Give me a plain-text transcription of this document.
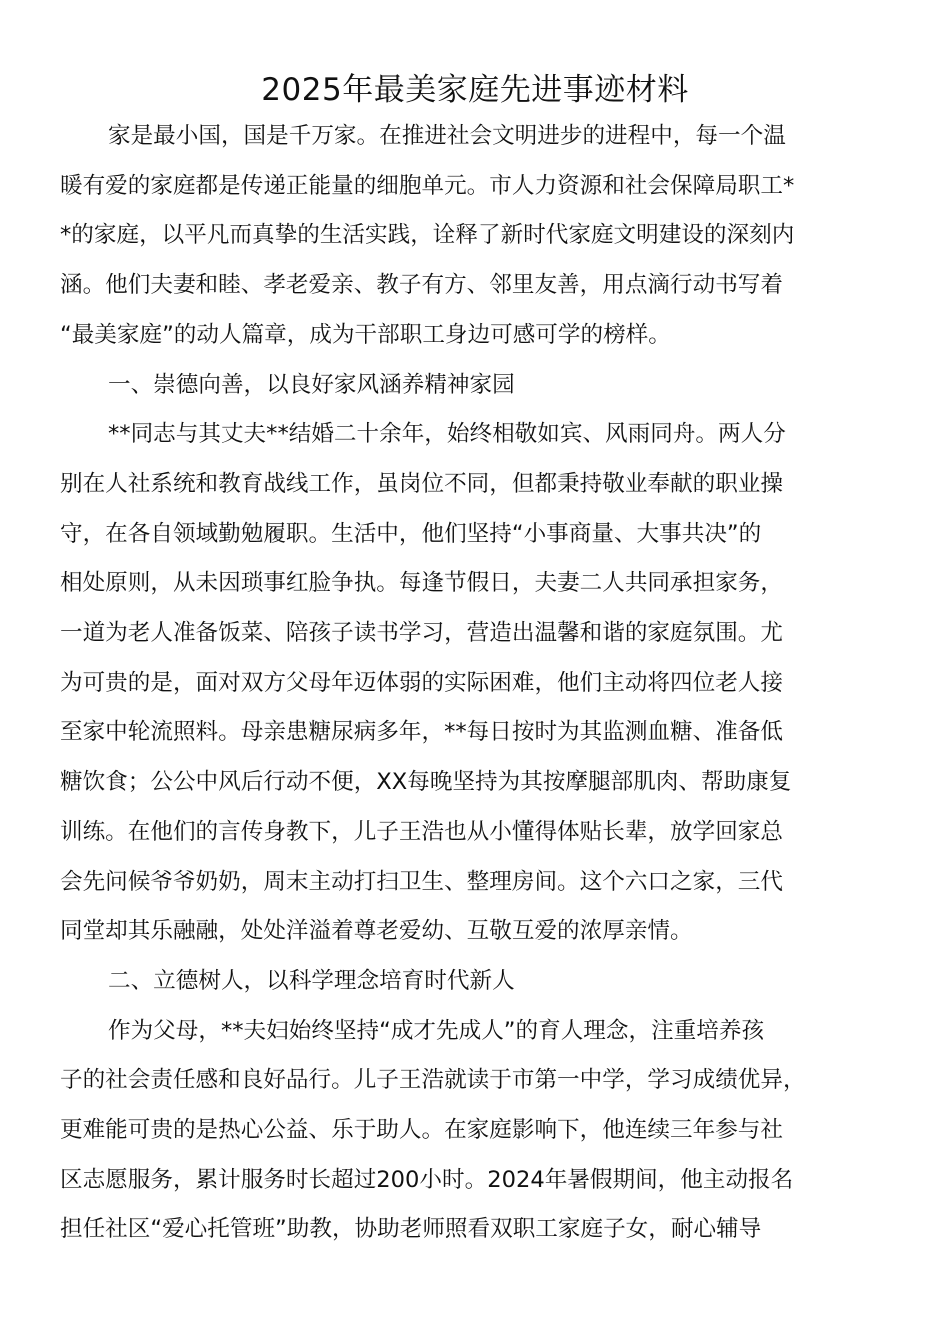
2025年最美家庭先进事迹材料
家是最小国，国是千万家。在推进社会文明进步的进程中，每一个温
暖有爱的家庭都是传递正能量的细胞单元。市人力资源和社会保障局职工*
*的家庭，以平凡而真挚的生活实践，诠释了新时代家庭文明建设的深刻内
涵。他们夫妻和睦、孝老爱亲、教子有方、邻里友善，用点滴行动书写着
“最美家庭”的动人篇章，成为干部职工身边可感可学的榜样。
一、崇德向善，以良好家风涵养精神家园
**同志与其丈夫**结婚二十余年，始终相敬如宾、风雨同舟。两人分
别在人社系统和教育战线工作，虽岗位不同，但都秉持敬业奉献的职业操
守，在各自领域勤勉履职。生活中，他们坚持“小事商量、大事共决”的
相处原则，从未因琐事红脸争执。每逢节假日，夫妻二人共同承担家务，
一道为老人准备饭菜、陪孩子读书学习，营造出温馨和谐的家庭氛围。尤
为可贵的是，面对双方父母年迈体弱的实际困难，他们主动将四位老人接
至家中轮流照料。母亲患糖尿病多年，**每日按时为其监测血糖、准备低
糖饮食；公公中风后行动不便，XX每晚坚持为其按摩腿部肌肉、帮助康复
训练。在他们的言传身教下，儿子王浩也从小懂得体贴长辈，放学回家总
会先问候爷爷奶奶，周末主动打扫卫生、整理房间。这个六口之家，三代
同堂却其乐融融，处处洋溢着尊老爱幼、互敬互爱的浓厚亲情。
二、立德树人，以科学理念培育时代新人
作为父母，**夫妇始终坚持“成才先成人”的育人理念，注重培养孩
子的社会责任感和良好品行。儿子王浩就读于市第一中学，学习成绩优异，
更难能可贵的是热心公益、乐于助人。在家庭影响下，他连续三年参与社
区志愿服务，累计服务时长超过200小时。2024年暑假期间，他主动报名
担任社区“爱心托管班”助教，协助老师照看双职工家庭子女，耐心辅导
